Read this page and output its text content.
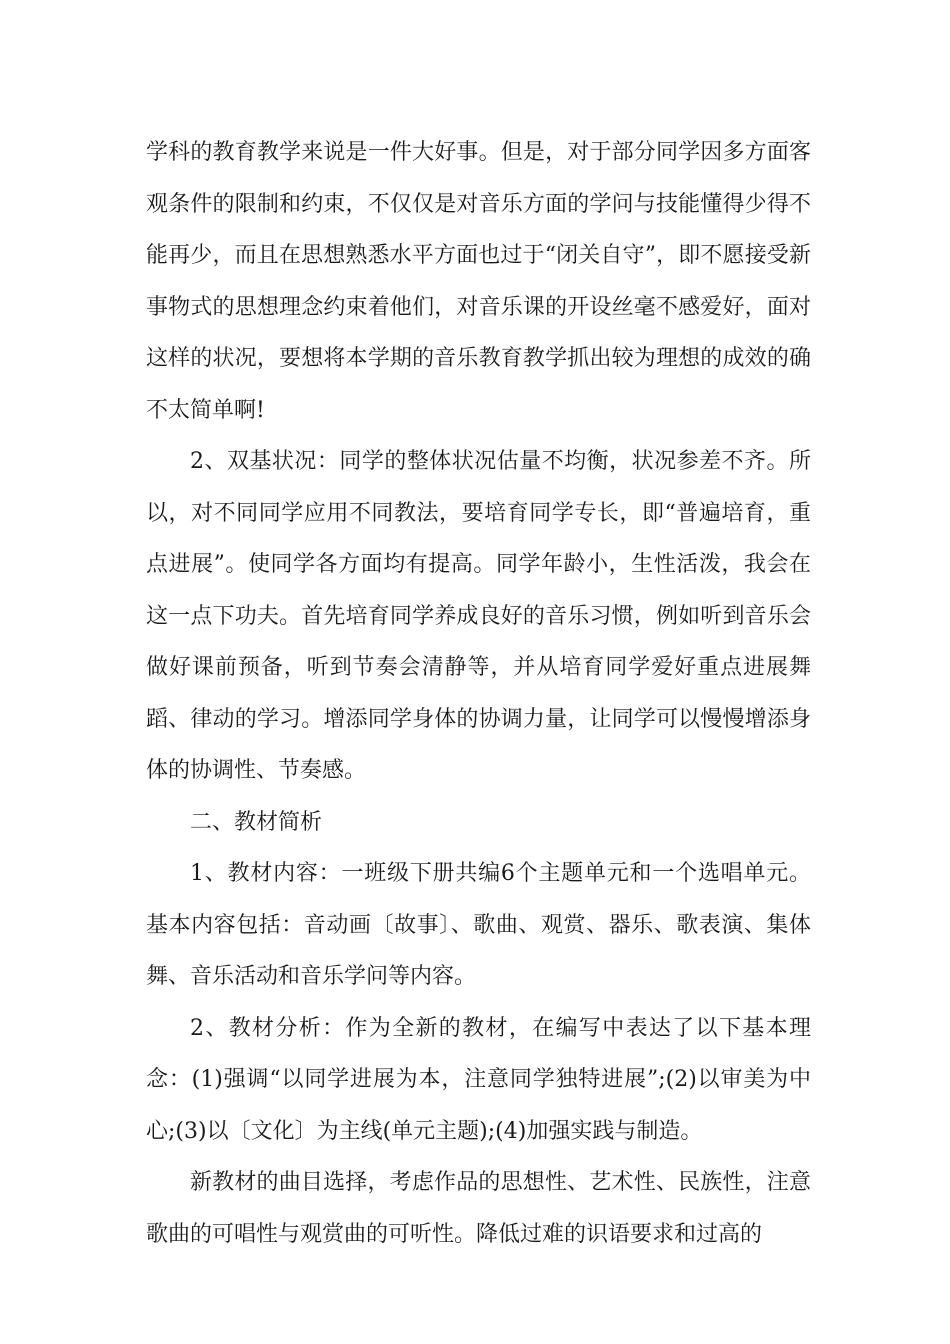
学科的教育教学来说是一件大好事。但是，对于部分同学因多方面客观条件的限制和约束，不仅仅是对音乐方面的学问与技能懂得少得不能再少，而且在思想熟悉水平方面也过于“闭关自守”，即不愿接受新事物式的思想理念约束着他们，对音乐课的开设丝毫不感爱好，面对这样的状况，要想将本学期的音乐教育教学抓出较为理想的成效的确不太简单啊!

2、双基状况：同学的整体状况估量不均衡，状况参差不齐。所以，对不同同学应用不同教法，要培育同学专长，即“普遍培育，重点进展”。使同学各方面均有提高。同学年龄小，生性活泼，我会在这一点下功夫。首先培育同学养成良好的音乐习惯，例如听到音乐会做好课前预备，听到节奏会清静等，并从培育同学爱好重点进展舞蹈、律动的学习。增添同学身体的协调力量，让同学可以慢慢增添身体的协调性、节奏感。

二、教材简析

1、教材内容：一班级下册共编6个主题单元和一个选唱单元。基本内容包括：音动画〔故事〕、歌曲、观赏、器乐、歌表演、集体舞、音乐活动和音乐学问等内容。

2、教材分析：作为全新的教材，在编写中表达了以下基本理念：(1)强调“以同学进展为本，注意同学独特进展”;(2)以审美为中心;(3)以〔文化〕为主线(单元主题);(4)加强实践与制造。

新教材的曲目选择，考虑作品的思想性、艺术性、民族性，注意歌曲的可唱性与观赏曲的可听性。降低过难的识语要求和过高的
